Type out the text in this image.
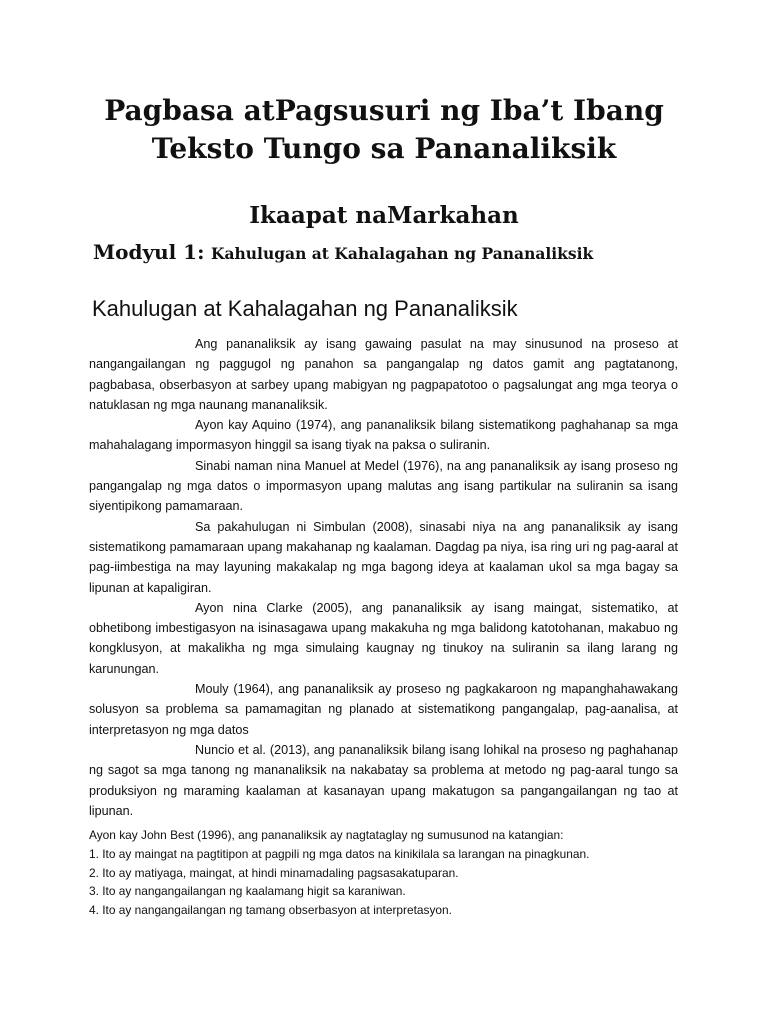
Pagbasa atPagsusuri ng Iba’t Ibang
Teksto Tungo sa Pananaliksik
Ikaapat naMarkahan
Modyul 1: Kahulugan at Kahalagahan ng Pananaliksik
Kahulugan at Kahalagahan ng Pananaliksik

Ang pananaliksik ay isang gawaing pasulat na may sinusunod na proseso at nangangailangan ng paggugol ng panahon sa pangangalap ng datos gamit ang pagtatanong, pagbabasa, obserbasyon at sarbey upang mabigyan ng pagpapatotoo o pagsalungat ang mga teorya o natuklasan ng mga naunang mananaliksik.

Ayon kay Aquino (1974), ang pananaliksik bilang sistematikong paghahanap sa mga mahahalagang impormasyon hinggil sa isang tiyak na paksa o suliranin.

Sinabi naman nina Manuel at Medel (1976), na ang pananaliksik ay isang proseso ng pangangalap ng mga datos o impormasyon upang malutas ang isang partikular na suliranin sa isang siyentipikong pamamaraan.

Sa pakahulugan ni Simbulan (2008), sinasabi niya na ang pananaliksik ay isang sistematikong pamamaraan upang makahanap ng kaalaman. Dagdag pa niya, isa ring uri ng pag-aaral at pag-iimbestiga na may layuning makakalap ng mga bagong ideya at kaalaman ukol sa mga bagay sa lipunan at kapaligiran.

Ayon nina Clarke (2005), ang pananaliksik ay isang maingat, sistematiko, at obhetibong imbestigasyon na isinasagawa upang makakuha ng mga balidong katotohanan, makabuo ng kongklusyon, at makalikha ng mga simulaing kaugnay ng tinukoy na suliranin sa ilang larang ng karunungan.

Mouly (1964), ang pananaliksik ay proseso ng pagkakaroon ng mapanghahawakang solusyon sa problema sa pamamagitan ng planado at sistematikong pangangalap, pag-aanalisa, at interpretasyon ng mga datos

Nuncio et al. (2013), ang pananaliksik bilang isang lohikal na proseso ng paghahanap ng sagot sa mga tanong ng mananaliksik na nakabatay sa problema at metodo ng pag-aaral tungo sa produksiyon ng maraming kaalaman at kasanayan upang makatugon sa pangangailangan ng tao at lipunan.

Ayon kay John Best (1996), ang pananaliksik ay nagtataglay ng sumusunod na katangian:

1. Ito ay maingat na pagtitipon at pagpili ng mga datos na kinikilala sa larangan na pinagkunan.
2. Ito ay matiyaga, maingat, at hindi minamadaling pagsasakatuparan.
3. Ito ay nangangailangan ng kaalamang higit sa karaniwan.
4. Ito ay nangangailangan ng tamang obserbasyon at interpretasyon.
